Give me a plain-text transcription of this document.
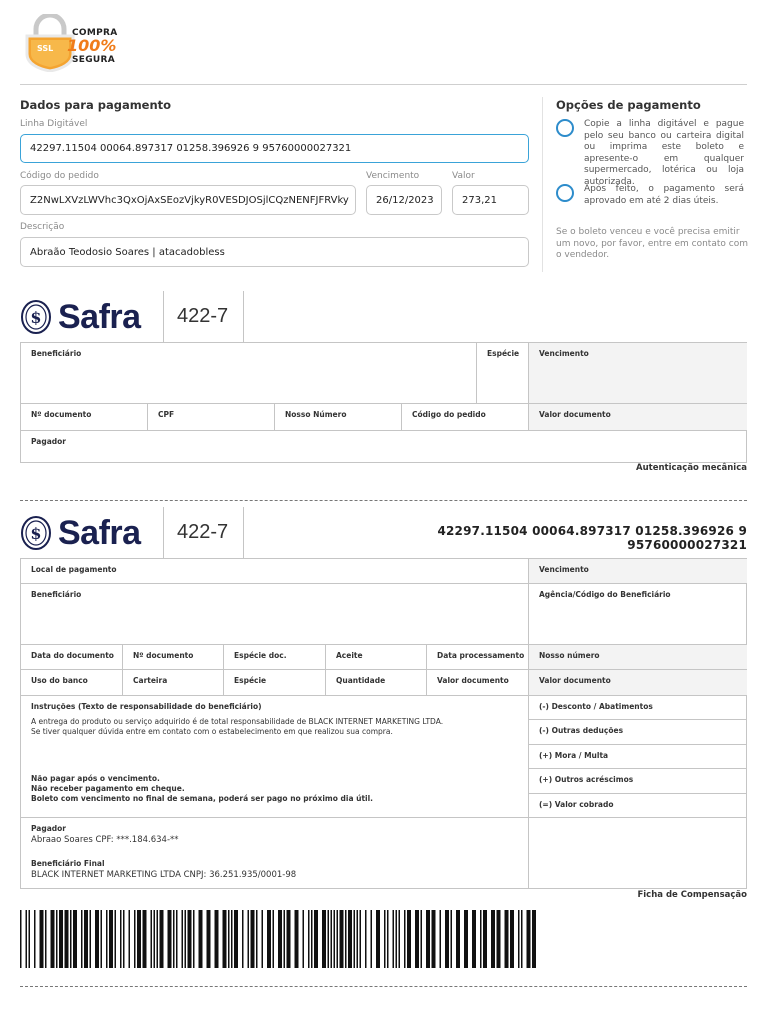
SSL
COMPRA
100%
SEGURA
Dados para pagamento
Linha Digitável
42297.11504 00064.897317 01258.396926 9 95760000027321
Código do pedido
Z2NwLXVzLWVhc3QxOjAxSEozVjkyR0VESDJOSjlCQzNENFJFRVky
Vencimento
26/12/2023
Valor
273,21
Descrição
Abraão Teodosio Soares | atacadobless
Opções de pagamento
Copie a linha digitável e pague pelo seu banco ou carteira digital ou imprima este boleto e apresente-o em qualquer supermercado, lotérica ou loja autorizada.
Após feito, o pagamento será aprovado em até 2 dias úteis.
Se o boleto venceu e você precisa emitir um novo, por favor, entre em contato com o vendedor.
$ Safra 422-7
Beneficiário	Espécie	Vencimento
Nº documento	CPF	Nosso Número	Código do pedido	Valor documento
Pagador
Autenticação mecânica
$ Safra 422-7	42297.11504 00064.897317 01258.396926 9 95760000027321
Local de pagamento	Vencimento
Beneficiário	Agência/Código do Beneficiário
Data do documento	Nº documento	Espécie doc.	Aceite	Data processamento	Nosso número
Uso do banco	Carteira	Espécie	Quantidade	Valor documento	Valor documento
Instruções (Texto de responsabilidade do beneficiário)
A entrega do produto ou serviço adquirido é de total responsabilidade de BLACK INTERNET MARKETING LTDA.
Se tiver qualquer dúvida entre em contato com o estabelecimento em que realizou sua compra.
Não pagar após o vencimento.
Não receber pagamento em cheque.
Boleto com vencimento no final de semana, poderá ser pago no próximo dia útil.
(-) Desconto / Abatimentos
(-) Outras deduções
(+) Mora / Multa
(+) Outros acréscimos
(=) Valor cobrado
Pagador
Abraao Soares CPF: ***.184.634-**
Beneficiário Final
BLACK INTERNET MARKETING LTDA CNPJ: 36.251.935/0001-98
Ficha de Compensação
